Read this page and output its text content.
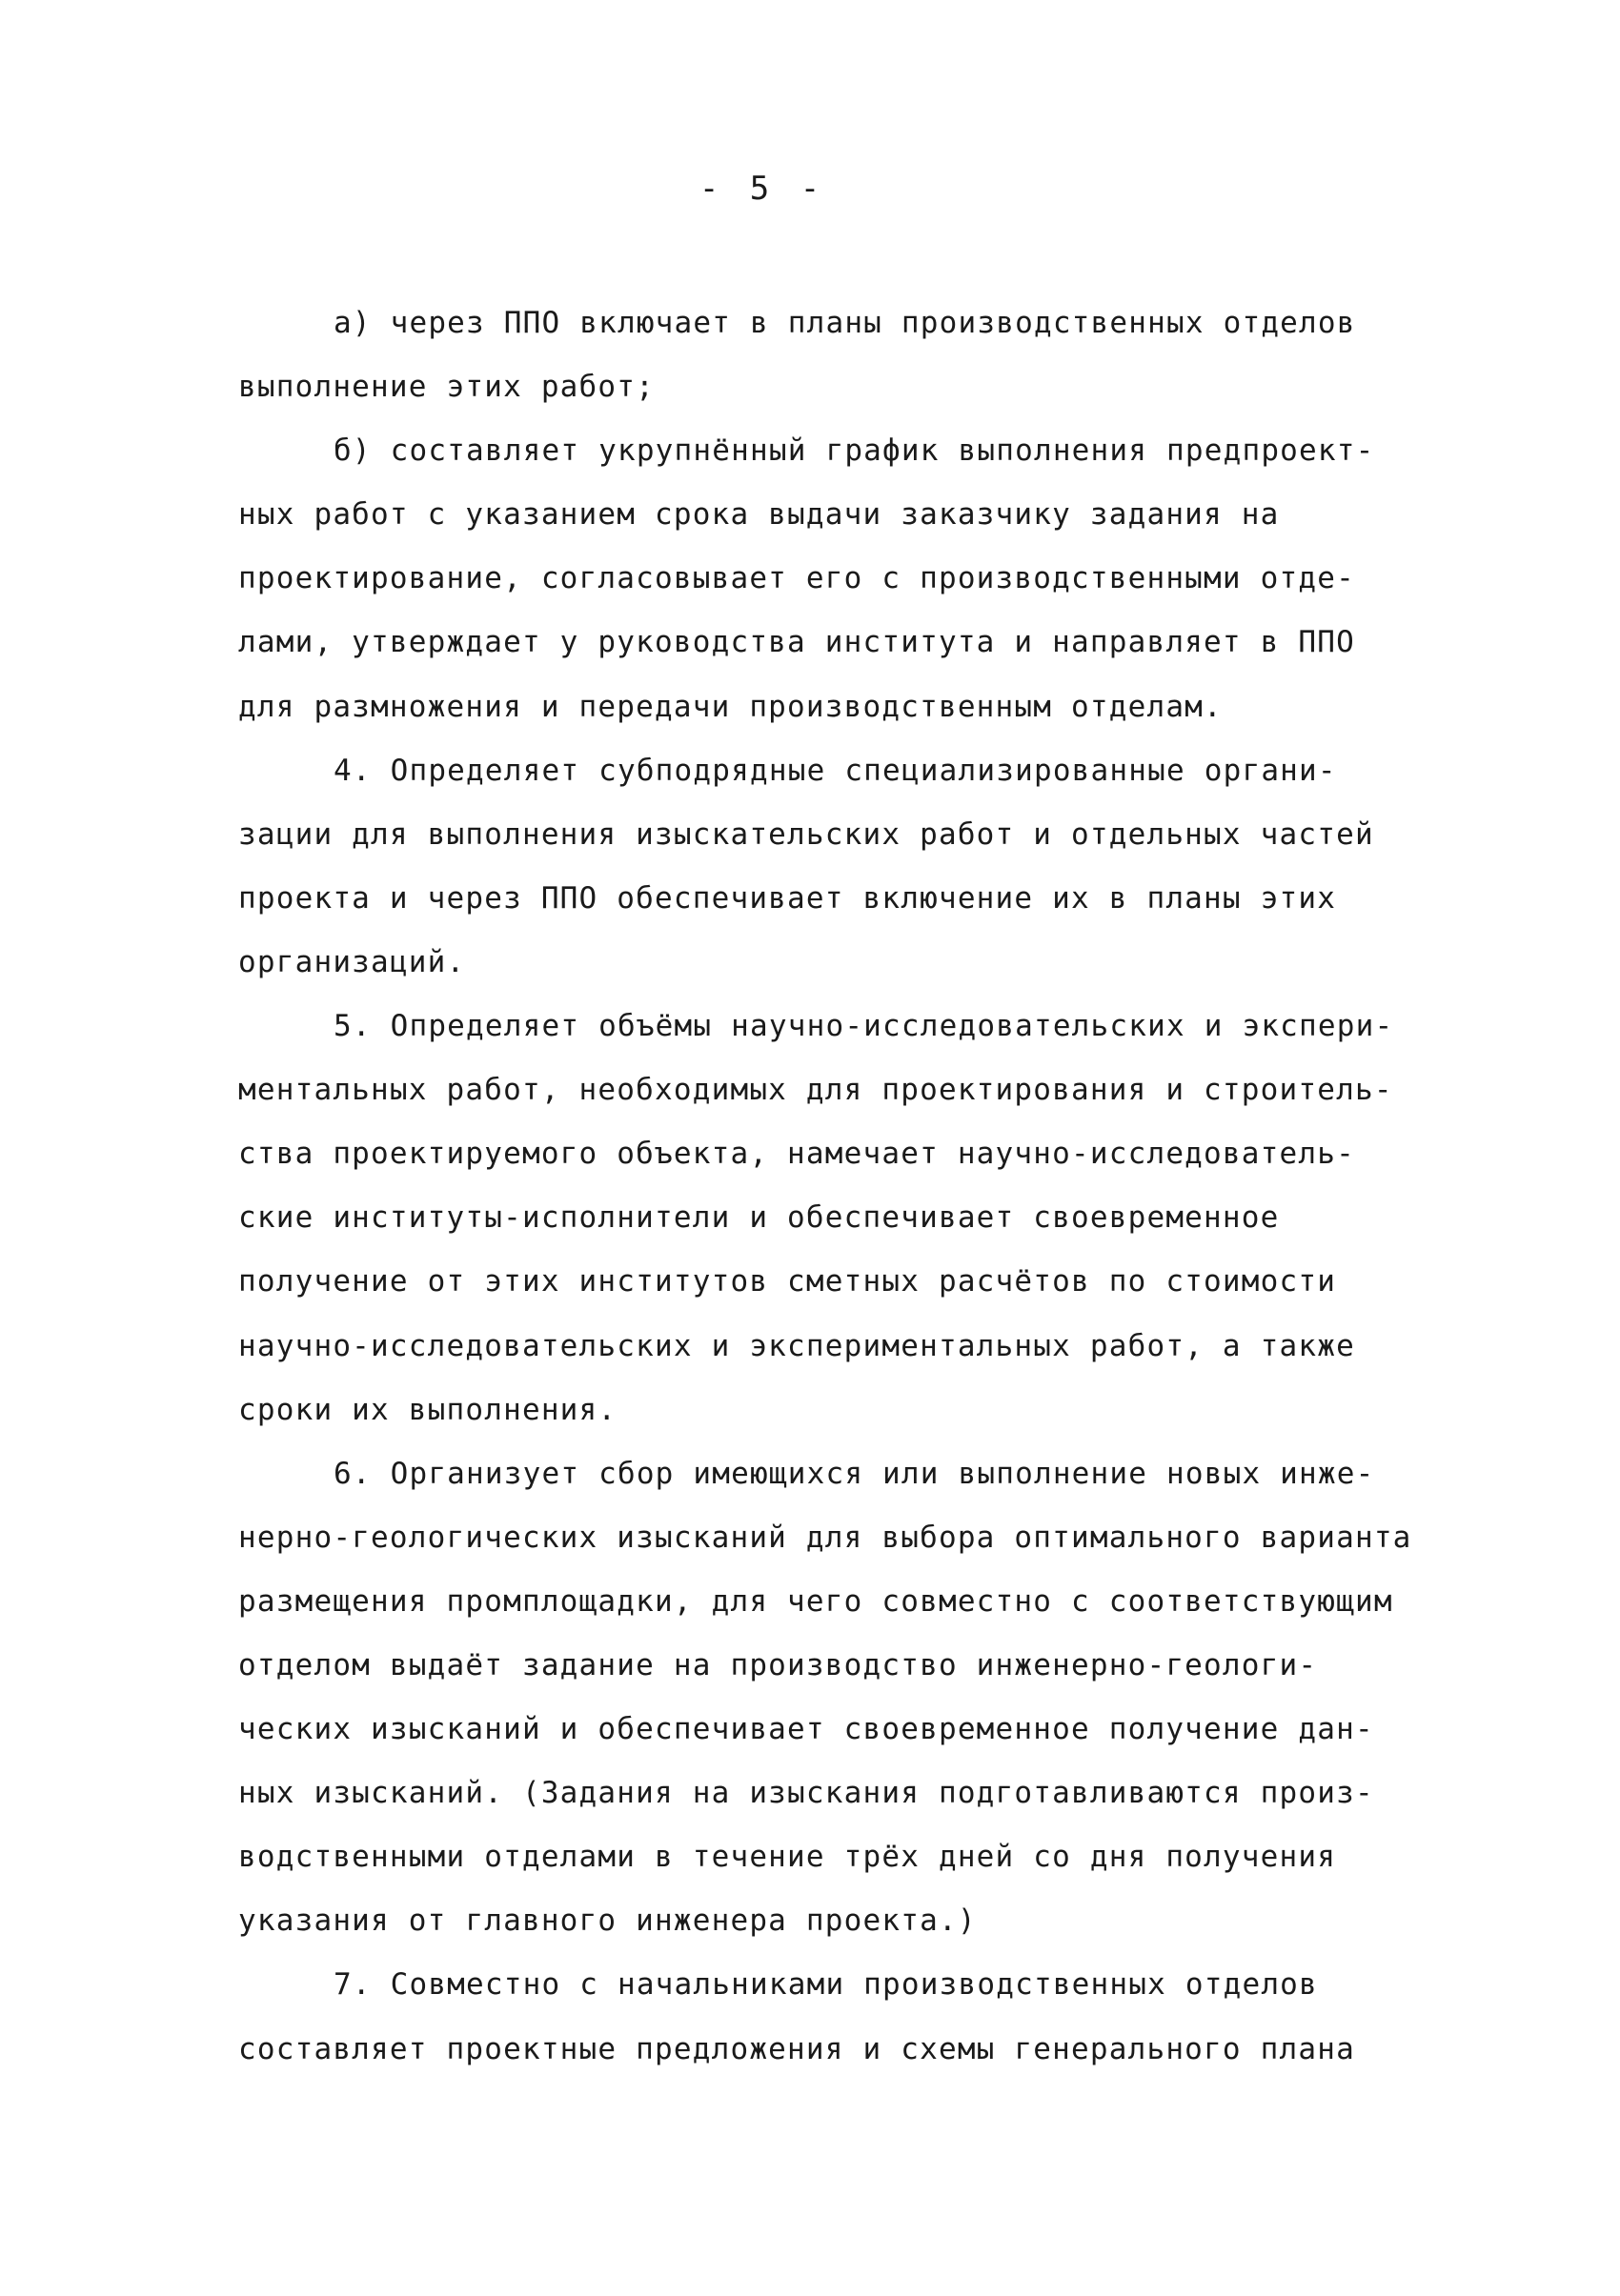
- 5 -
а) через ППО включает в планы производственных отделов
выполнение этих работ;
б) составляет укрупнённый график выполнения предпроект-
ных работ с указанием срока выдачи заказчику задания на
проектирование, согласовывает его с производственными отде-
лами, утверждает у руководства института и направляет в ППО
для размножения и передачи производственным отделам.
4. Определяет субподрядные специализированные органи-
зации для выполнения изыскательских работ и отдельных частей
проекта и через ППО обеспечивает включение их в планы этих
организаций.
5. Определяет объёмы научно-исследовательских и экспери-
ментальных работ, необходимых для проектирования и строитель-
ства проектируемого объекта, намечает научно-исследователь-
ские институты-исполнители и обеспечивает своевременное
получение от этих институтов сметных расчётов по стоимости
научно-исследовательских и экспериментальных работ, а также
сроки их выполнения.
6. Организует сбор имеющихся или выполнение новых инже-
нерно-геологических изысканий для выбора оптимального варианта
размещения промплощадки, для чего совместно с соответствующим
отделом выдаёт задание на производство инженерно-геологи-
ческих изысканий и обеспечивает своевременное получение дан-
ных изысканий. (Задания на изыскания подготавливаются произ-
водственными отделами в течение трёх дней со дня получения
указания от главного инженера проекта.)
7. Совместно с начальниками производственных отделов
составляет проектные предложения и схемы генерального плана
